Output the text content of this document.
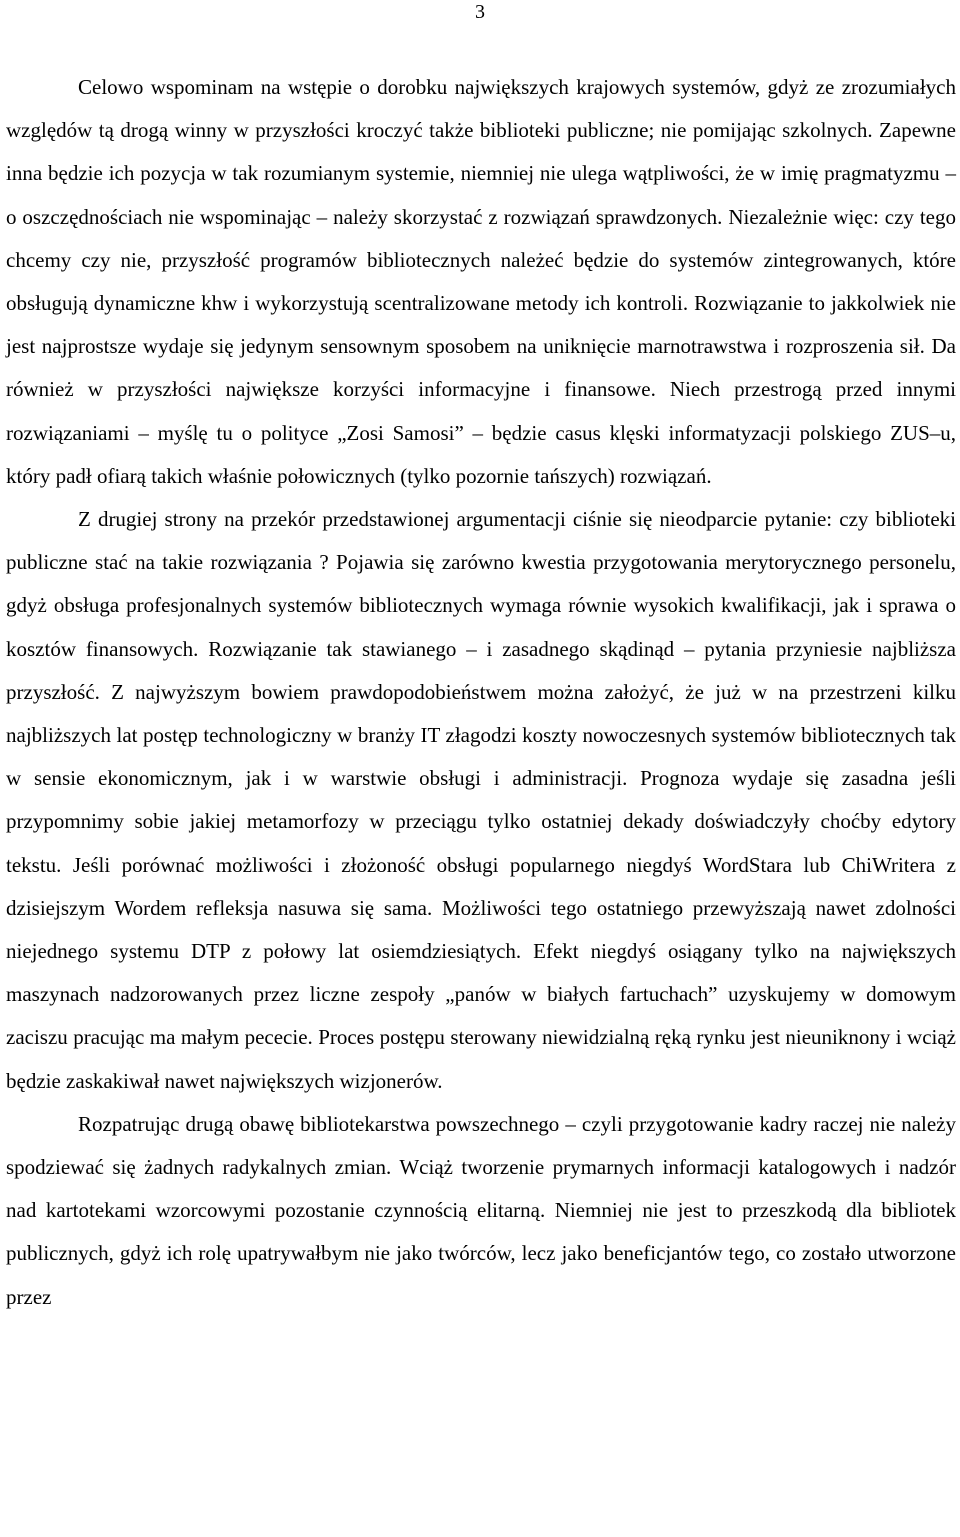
3

Celowo wspominam na wstępie o dorobku największych krajowych systemów, gdyż ze zrozumiałych względów tą drogą winny w przyszłości kroczyć także biblioteki publiczne; nie pomijając szkolnych. Zapewne inna będzie ich pozycja w tak rozumianym systemie, niemniej nie ulega wątpliwości, że w imię pragmatyzmu – o oszczędnościach nie wspominając – należy skorzystać z rozwiązań sprawdzonych. Niezależnie więc: czy tego chcemy czy nie, przyszłość programów bibliotecznych należeć będzie do systemów zintegrowanych, które obsługują dynamiczne khw i wykorzystują scentralizowane metody ich kontroli. Rozwiązanie to jakkolwiek nie jest najprostsze wydaje się jedynym sensownym sposobem na uniknięcie marnotrawstwa i rozproszenia sił. Da również w przyszłości największe korzyści informacyjne i finansowe. Niech przestrogą przed innymi rozwiązaniami – myślę tu o polityce „Zosi Samosi” – będzie casus klęski informatyzacji polskiego ZUS–u, który padł ofiarą takich właśnie połowicznych (tylko pozornie tańszych) rozwiązań.

Z drugiej strony na przekór przedstawionej argumentacji ciśnie się nieodparcie pytanie: czy biblioteki publiczne stać na takie rozwiązania ? Pojawia się zarówno kwestia przygotowania merytorycznego personelu, gdyż obsługa profesjonalnych systemów bibliotecznych wymaga równie wysokich kwalifikacji, jak i sprawa o kosztów finansowych. Rozwiązanie tak stawianego – i zasadnego skądinąd – pytania przyniesie najbliższa przyszłość. Z najwyższym bowiem prawdopodobieństwem można założyć, że już w na przestrzeni kilku najbliższych lat postęp technologiczny w branży IT złagodzi koszty nowoczesnych systemów bibliotecznych tak w sensie ekonomicznym, jak i w warstwie obsługi i administracji. Prognoza wydaje się zasadna jeśli przypomnimy sobie jakiej metamorfozy w przeciągu tylko ostatniej dekady doświadczyły choćby edytory tekstu. Jeśli porównać możliwości i złożoność obsługi popularnego niegdyś WordStara lub ChiWritera z dzisiejszym Wordem refleksja nasuwa się sama. Możliwości tego ostatniego przewyższają nawet zdolności niejednego systemu DTP z połowy lat osiemdziesiątych. Efekt niegdyś osiągany tylko na największych maszynach nadzorowanych przez liczne zespoły „panów w białych fartuchach” uzyskujemy w domowym zaciszu pracując ma małym pececie. Proces postępu sterowany niewidzialną ręką rynku jest nieuniknony i wciąż będzie zaskakiwał nawet największych wizjonerów.

Rozpatrując drugą obawę bibliotekarstwa powszechnego – czyli przygotowanie kadry raczej nie należy spodziewać się żadnych radykalnych zmian. Wciąż tworzenie prymarnych informacji katalogowych i nadzór nad kartotekami wzorcowymi pozostanie czynnością elitarną. Niemniej nie jest to przeszkodą dla bibliotek publicznych, gdyż ich rolę upatrywałbym nie jako twórców, lecz jako beneficjantów tego, co zostało utworzone przez
